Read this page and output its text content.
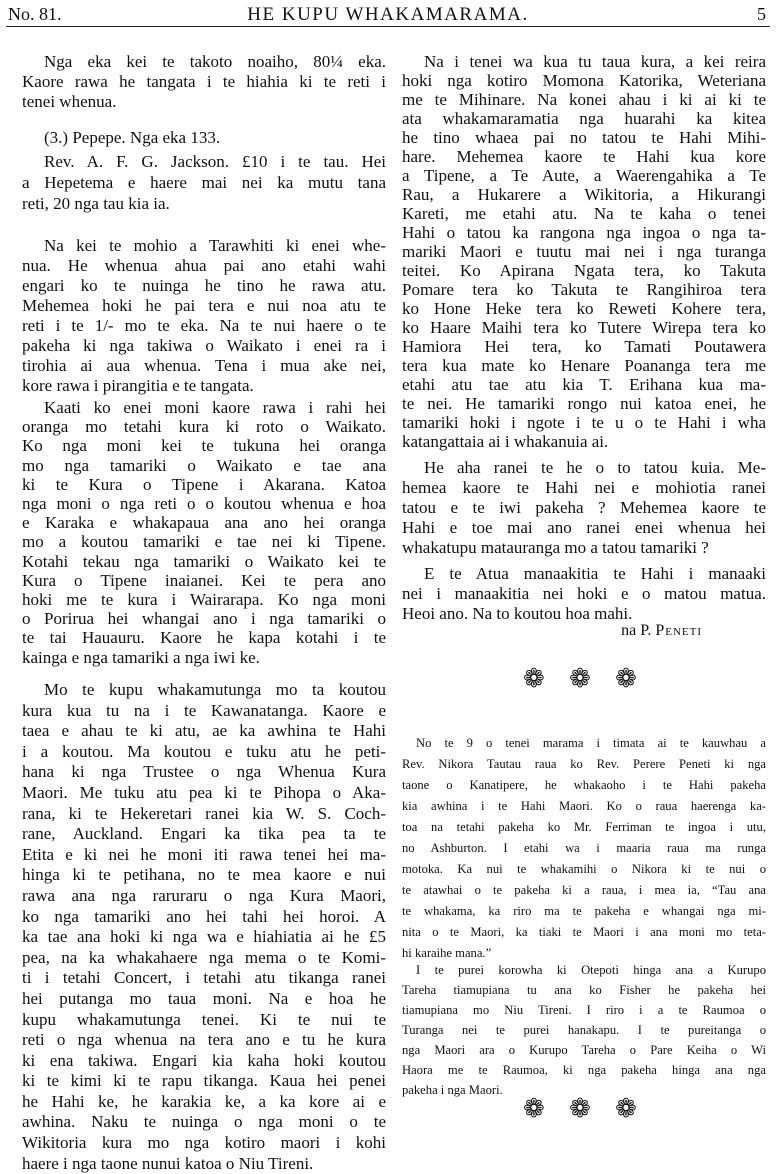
No. 81.	HE KUPU WHAKAMARAMA.	5
Nga eka kei te takoto noaiho, 80¼ eka.
Kaore rawa he tangata i te hiahia ki te reti i
tenei whenua.
(3.) Pepepe. Nga eka 133.
Rev. A. F. G. Jackson. £10 i te tau. Hei
a Hepetema e haere mai nei ka mutu tana
reti, 20 nga tau kia ia.
Na kei te mohio a Tarawhiti ki enei whe-
nua. He whenua ahua pai ano etahi wahi
engari ko te nuinga he tino he rawa atu.
Mehemea hoki he pai tera e nui noa atu te
reti i te 1/- mo te eka. Na te nui haere o te
pakeha ki nga takiwa o Waikato i enei ra i
tirohia ai aua whenua. Tena i mua ake nei,
kore rawa i pirangitia e te tangata.
Kaati ko enei moni kaore rawa i rahi hei
oranga mo tetahi kura ki roto o Waikato.
Ko nga moni kei te tukuna hei oranga
mo nga tamariki o Waikato e tae ana
ki te Kura o Tipene i Akarana. Katoa
nga moni o nga reti o o koutou whenua e hoa
e Karaka e whakapaua ana ano hei oranga
mo a koutou tamariki e tae nei ki Tipene.
Kotahi tekau nga tamariki o Waikato kei te
Kura o Tipene inaianei. Kei te pera ano
hoki me te kura i Wairarapa. Ko nga moni
o Porirua hei whangai ano i nga tamariki o
te tai Hauauru. Kaore he kapa kotahi i te
kainga e nga tamariki a nga iwi ke.
Mo te kupu whakamutunga mo ta koutou
kura kua tu na i te Kawanatanga. Kaore e
taea e ahau te ki atu, ae ka awhina te Hahi
i a koutou. Ma koutou e tuku atu he peti-
hana ki nga Trustee o nga Whenua Kura
Maori. Me tuku atu pea ki te Pihopa o Aka-
rana, ki te Hekeretari ranei kia W. S. Coch-
rane, Auckland. Engari ka tika pea ta te
Etita e ki nei he moni iti rawa tenei hei ma-
hinga ki te petihana, no te mea kaore e nui
rawa ana nga raruraru o nga Kura Maori,
ko nga tamariki ano hei tahi hei horoi. A
ka tae ana hoki ki nga wa e hiahiatia ai he £5
pea, na ka whakahaere nga mema o te Komi-
ti i tetahi Concert, i tetahi atu tikanga ranei
hei putanga mo taua moni. Na e hoa he
kupu whakamutunga tenei. Ki te nui te
reti o nga whenua na tera ano e tu he kura
ki ena takiwa. Engari kia kaha hoki koutou
ki te kimi ki te rapu tikanga. Kaua hei penei
he Hahi ke, he karakia ke, a ka kore ai e
awhina. Naku te nuinga o nga moni o te
Wikitoria kura mo nga kotiro maori i kohi
haere i nga taone nunui katoa o Niu Tireni.
Na i tenei wa kua tu taua kura, a kei reira
hoki nga kotiro Momona Katorika, Weteriana
me te Mihinare. Na konei ahau i ki ai ki te
ata whakamaramatia nga huarahi ka kitea
he tino whaea pai no tatou te Hahi Mihi-
hare. Mehemea kaore te Hahi kua kore
a Tipene, a Te Aute, a Waerengahika a Te
Rau, a Hukarere a Wikitoria, a Hikurangi
Kareti, me etahi atu. Na te kaha o tenei
Hahi o tatou ka rangona nga ingoa o nga ta-
mariki Maori e tuutu mai nei i nga turanga
teitei. Ko Apirana Ngata tera, ko Takuta
Pomare tera ko Takuta te Rangihiroa tera
ko Hone Heke tera ko Reweti Kohere tera,
ko Haare Maihi tera ko Tutere Wirepa tera ko
Hamiora Hei tera, ko Tamati Poutawera
tera kua mate ko Henare Poananga tera me
etahi atu tae atu kia T. Erihana kua ma-
te nei. He tamariki rongo nui katoa enei, he
tamariki hoki i ngote i te u o te Hahi i wha
katangattaia ai i whakanuia ai.
He aha ranei te he o to tatou kuia. Me-
hemea kaore te Hahi nei e mohiotia ranei
tatou e te iwi pakeha ? Mehemea kaore te
Hahi e toe mai ano ranei enei whenua hei
whakatupu matauranga mo a tatou tamariki ?
E te Atua manaakitia te Hahi i manaaki
nei i manaakitia nei hoki e o matou matua.
Heoi ano. Na to koutou hoa mahi.
na P. Peneti
❁ ❁ ❁
No te 9 o tenei marama i timata ai te kauwhau a
Rev. Nikora Tautau raua ko Rev. Perere Peneti ki nga
taone o Kanatipere, he whakaoho i te Hahi pakeha
kia awhina i te Hahi Maori. Ko o raua haerenga ka-
toa na tetahi pakeha ko Mr. Ferriman te ingoa i utu,
no Ashburton. I etahi wa i maaria raua ma runga
motoka. Ka nui te whakamihi o Nikora ki te nui o
te atawhai o te pakeha ki a raua, i mea ia, “Tau ana
te whakama, ka riro ma te pakeha e whangai nga mi-
nita o te Maori, ka tiaki te Maori i ana moni mo teta-
hi karaihe mana.”
I te purei korowha ki Otepoti hinga ana a Kurupo
Tareha tiamupiana tu ana ko Fisher he pakeha hei
tiamupiana mo Niu Tireni. I riro i a te Raumoa o
Turanga nei te purei hanakapu. I te pureitanga o
nga Maori ara o Kurupo Tareha o Pare Keiha o Wi
Haora me te Raumoa, ki nga pakeha hinga ana nga
pakeha i nga Maori.
❁ ❁ ❁
